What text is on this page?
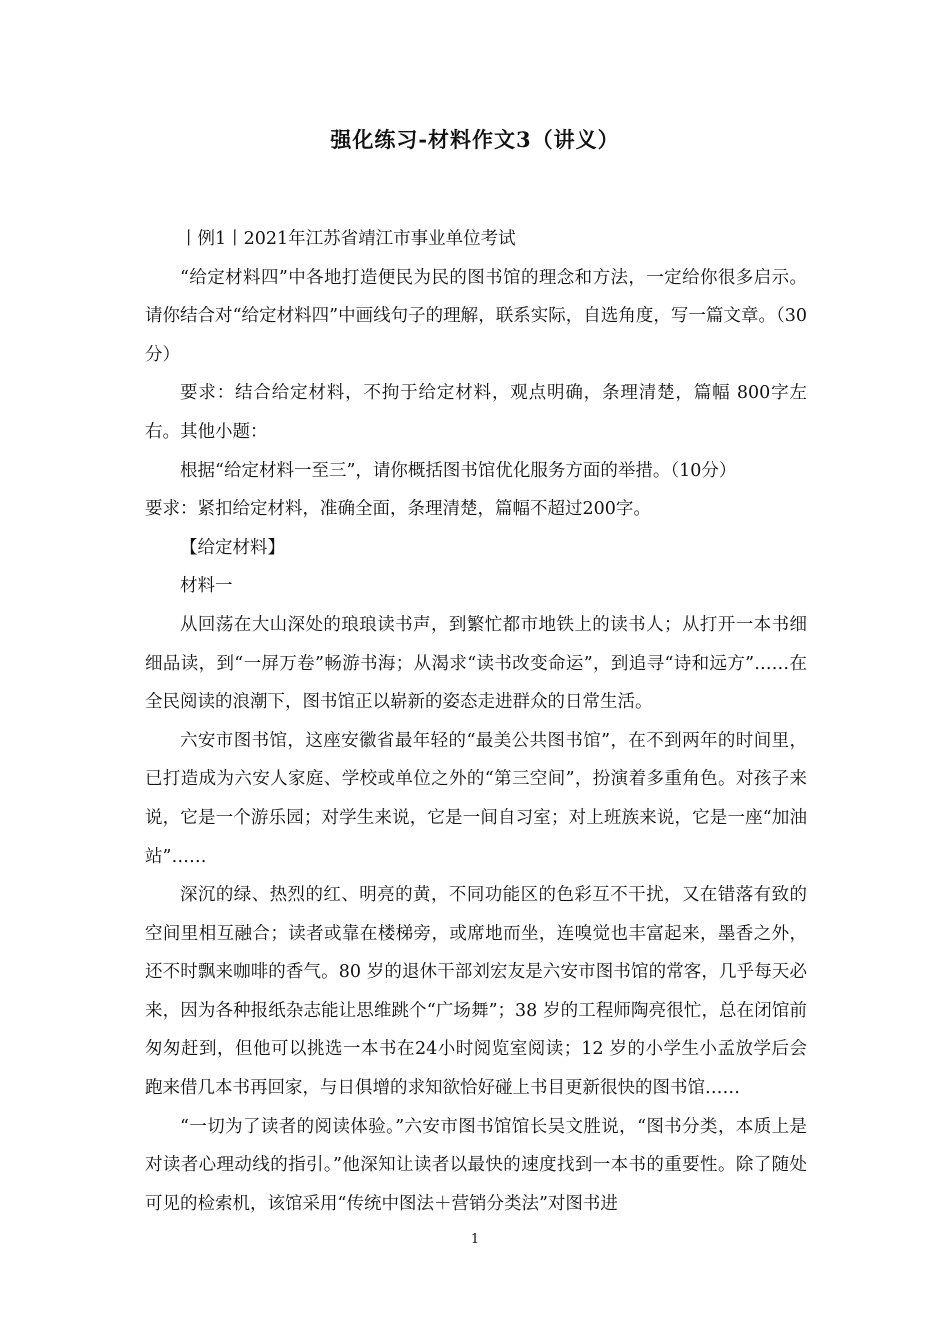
强化练习-材料作文3（讲义）

丨例1丨2021年江苏省靖江市事业单位考试

“给定材料四”中各地打造便民为民的图书馆的理念和方法，一定给你很多启示。请你结合对“给定材料四”中画线句子的理解，联系实际，自选角度，写一篇文章。（30分）

要求：结合给定材料，不拘于给定材料，观点明确，条理清楚，篇幅 800字左右。其他小题：

根据“给定材料一至三”，请你概括图书馆优化服务方面的举措。（10分）

要求：紧扣给定材料，准确全面，条理清楚，篇幅不超过200字。

【给定材料】

材料一

从回荡在大山深处的琅琅读书声，到繁忙都市地铁上的读书人；从打开一本书细细品读，到“一屏万卷”畅游书海；从渴求“读书改变命运”，到追寻“诗和远方”……在全民阅读的浪潮下，图书馆正以崭新的姿态走进群众的日常生活。

六安市图书馆，这座安徽省最年轻的“最美公共图书馆”，在不到两年的时间里，已打造成为六安人家庭、学校或单位之外的“第三空间”，扮演着多重角色。对孩子来说，它是一个游乐园；对学生来说，它是一间自习室；对上班族来说，它是一座“加油站”……

深沉的绿、热烈的红、明亮的黄，不同功能区的色彩互不干扰，又在错落有致的空间里相互融合；读者或靠在楼梯旁，或席地而坐，连嗅觉也丰富起来，墨香之外，还不时飘来咖啡的香气。80 岁的退休干部刘宏友是六安市图书馆的常客，几乎每天必来，因为各种报纸杂志能让思维跳个“广场舞”；38 岁的工程师陶亮很忙，总在闭馆前匆匆赶到，但他可以挑选一本书在24小时阅览室阅读；12 岁的小学生小孟放学后会跑来借几本书再回家，与日俱增的求知欲恰好碰上书目更新很快的图书馆……

“一切为了读者的阅读体验。”六安市图书馆馆长吴文胜说，“图书分类，本质上是对读者心理动线的指引。”他深知让读者以最快的速度找到一本书的重要性。除了随处可见的检索机，该馆采用“传统中图法＋营销分类法”对图书进

1
